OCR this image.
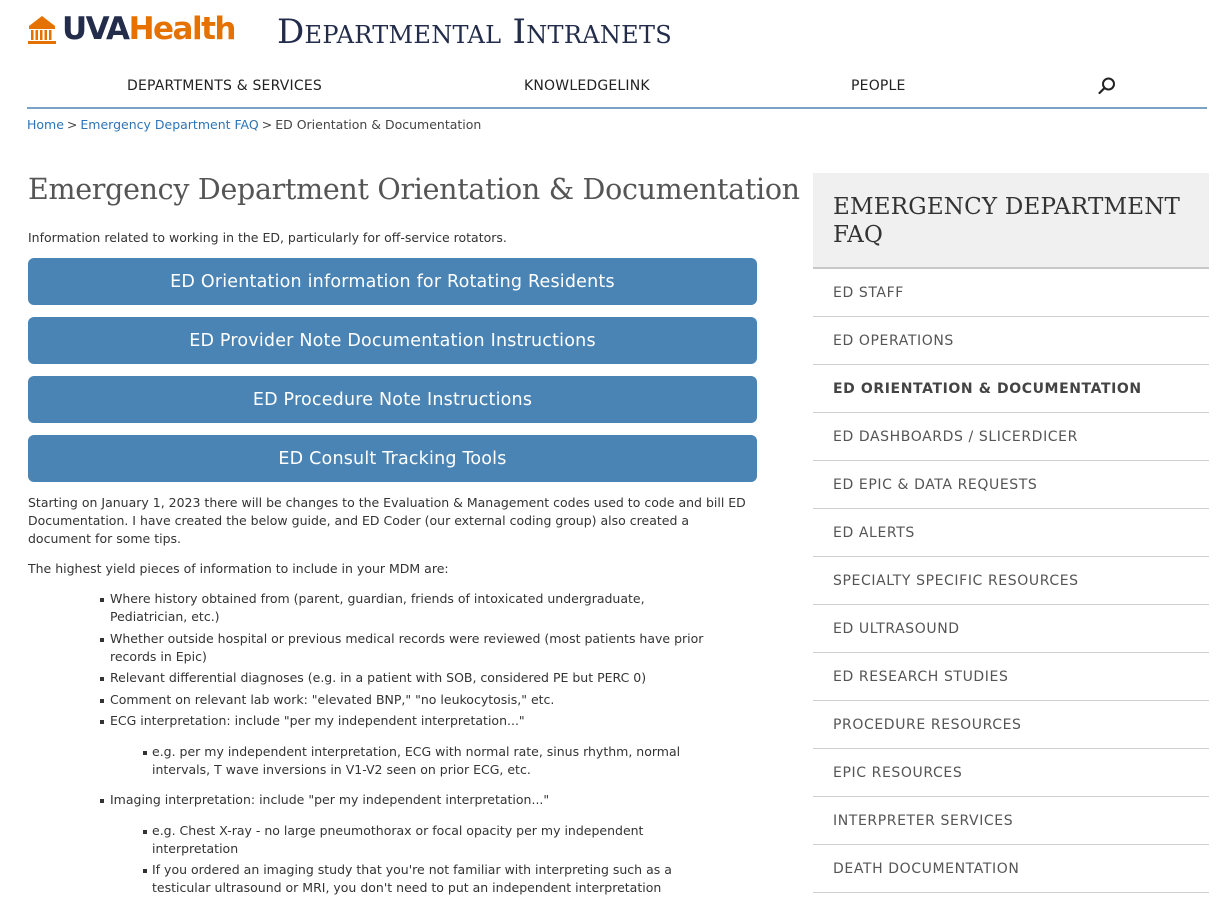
UVAHealth Departmental Intranets
DEPARTMENTS & SERVICES	KNOWLEDGELINK	PEOPLE
Home > Emergency Department FAQ > ED Orientation & Documentation
Emergency Department Orientation & Documentation
Information related to working in the ED, particularly for off-service rotators.
ED Orientation information for Rotating Residents
ED Provider Note Documentation Instructions
ED Procedure Note Instructions
ED Consult Tracking Tools
Starting on January 1, 2023 there will be changes to the Evaluation & Management codes used to code and bill ED
Documentation. I have created the below guide, and ED Coder (our external coding group) also created a
document for some tips.
The highest yield pieces of information to include in your MDM are:
Where history obtained from (parent, guardian, friends of intoxicated undergraduate,
Pediatrician, etc.)
Whether outside hospital or previous medical records were reviewed (most patients have prior
records in Epic)
Relevant differential diagnoses (e.g. in a patient with SOB, considered PE but PERC 0)
Comment on relevant lab work: "elevated BNP," "no leukocytosis," etc.
ECG interpretation: include "per my independent interpretation..."
e.g. per my independent interpretation, ECG with normal rate, sinus rhythm, normal
intervals, T wave inversions in V1-V2 seen on prior ECG, etc.
Imaging interpretation: include "per my independent interpretation..."
e.g. Chest X-ray - no large pneumothorax or focal opacity per my independent
interpretation
If you ordered an imaging study that you're not familiar with interpreting such as a
testicular ultrasound or MRI, you don't need to put an independent interpretation
EMERGENCY DEPARTMENT
FAQ
ED STAFF
ED OPERATIONS
ED ORIENTATION & DOCUMENTATION
ED DASHBOARDS / SLICERDICER
ED EPIC & DATA REQUESTS
ED ALERTS
SPECIALTY SPECIFIC RESOURCES
ED ULTRASOUND
ED RESEARCH STUDIES
PROCEDURE RESOURCES
EPIC RESOURCES
INTERPRETER SERVICES
DEATH DOCUMENTATION
